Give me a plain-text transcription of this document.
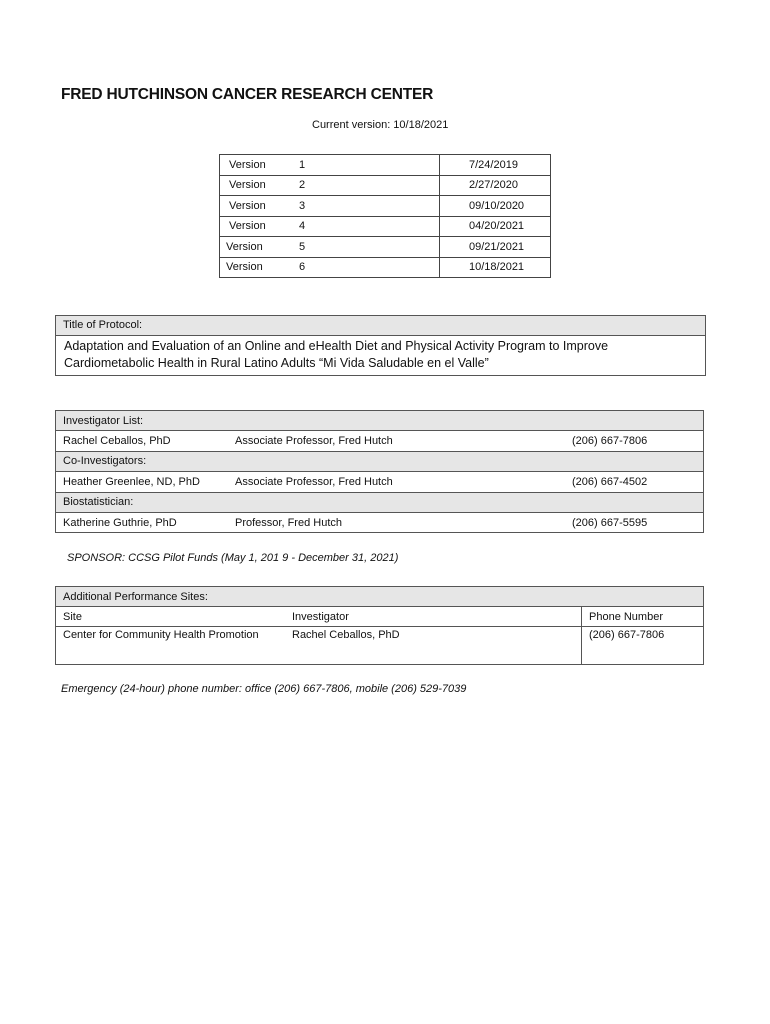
FRED HUTCHINSON CANCER RESEARCH CENTER
Current version: 10/18/2021
Version	1	7/24/2019
Version	2	2/27/2020
Version	3	09/10/2020
Version	4	04/20/2021
Version	5	09/21/2021
Version	6	10/18/2021
Title of Protocol:
Adaptation and Evaluation of an Online and eHealth Diet and Physical Activity Program to Improve Cardiometabolic Health in Rural Latino Adults “Mi Vida Saludable en el Valle”
Investigator List:		
Rachel Ceballos, PhD	Associate Professor, Fred Hutch	(206) 667-7806
Co-Investigators:		
Heather Greenlee, ND, PhD	Associate Professor, Fred Hutch	(206) 667-4502
Biostatistician:		
Katherine Guthrie, PhD	Professor, Fred Hutch	(206) 667-5595
SPONSOR: CCSG Pilot Funds (May 1, 201 9 - December 31, 2021)
Additional Performance Sites:		
Site	Investigator	Phone Number
Center for Community Health Promotion	Rachel Ceballos, PhD	(206) 667-7806
Emergency (24-hour) phone number: office (206) 667-7806, mobile (206) 529-7039
